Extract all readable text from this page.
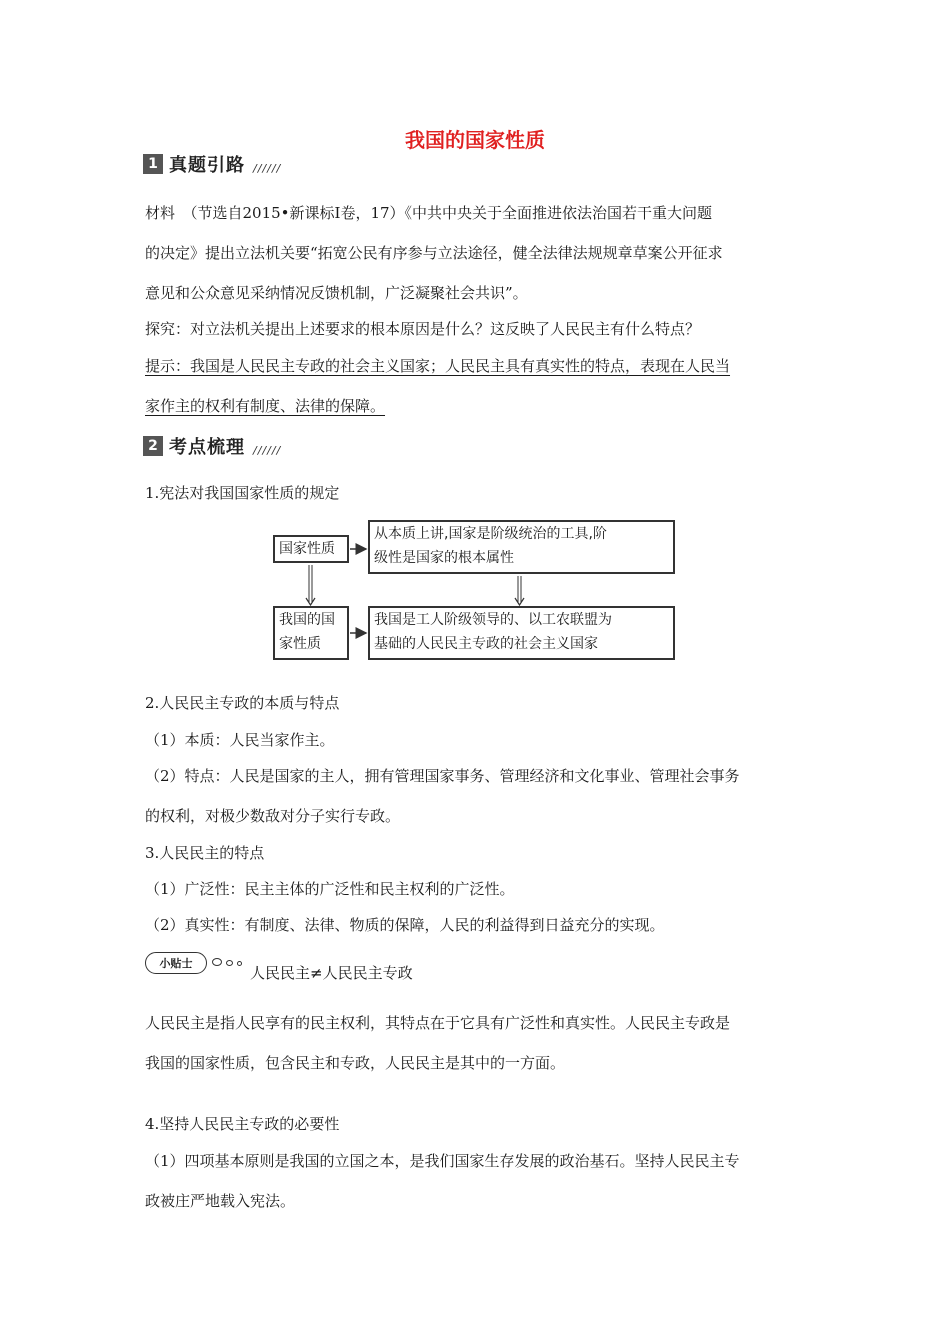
我国的国家性质
1 真题引路 //////
材料　（节选自2015•新课标Ⅰ卷，17）《中共中央关于全面推进依法治国若干重大问题
的决定》提出立法机关要“拓宽公民有序参与立法途径，健全法律法规规章草案公开征求
意见和公众意见采纳情况反馈机制，广泛凝聚社会共识”。
探究：对立法机关提出上述要求的根本原因是什么？这反映了人民民主有什么特点？
提示：我国是人民民主专政的社会主义国家；人民民主具有真实性的特点，表现在人民当
家作主的权利有制度、法律的保障。
2 考点梳理 //////
1.宪法对我国国家性质的规定
国家性质
从本质上讲,国家是阶级统治的工具,阶
级性是国家的根本属性
我国的国
家性质
我国是工人阶级领导的、以工农联盟为
基础的人民民主专政的社会主义国家
2.人民民主专政的本质与特点
（1）本质：人民当家作主。
（2）特点：人民是国家的主人，拥有管理国家事务、管理经济和文化事业、管理社会事务
的权利，对极少数敌对分子实行专政。
3.人民民主的特点
（1）广泛性：民主主体的广泛性和民主权利的广泛性。
（2）真实性：有制度、法律、物质的保障，人民的利益得到日益充分的实现。
小贴士
人民民主≠人民民主专政
人民民主是指人民享有的民主权利，其特点在于它具有广泛性和真实性。人民民主专政是
我国的国家性质，包含民主和专政，人民民主是其中的一方面。
4.坚持人民民主专政的必要性
（1）四项基本原则是我国的立国之本，是我们国家生存发展的政治基石。坚持人民民主专
政被庄严地载入宪法。
